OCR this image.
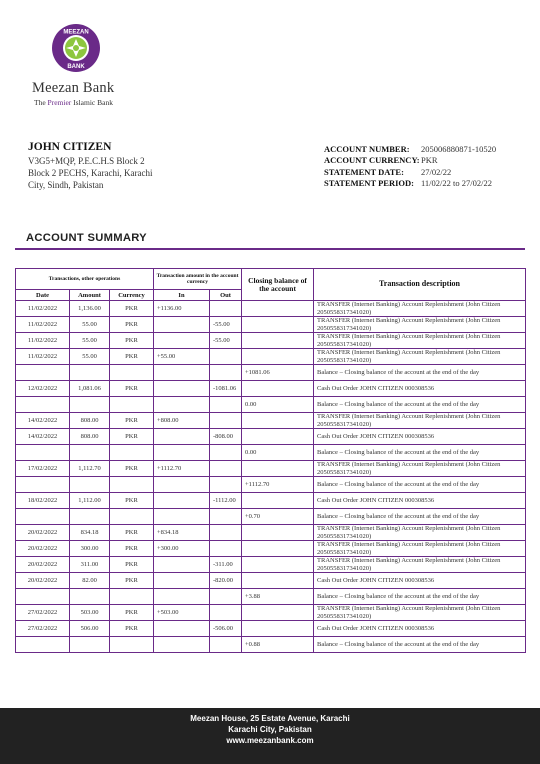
MEEZAN
BANK
Meezan Bank
The Premier Islamic Bank
JOHN CITIZEN
V3G5+MQP, P.E.C.H.S Block 2
Block 2 PECHS, Karachi, Karachi
City, Sindh, Pakistan
ACCOUNT NUMBER:	205006880871-10520
ACCOUNT CURRENCY: PKR
STATEMENT DATE:	27/02/22
STATEMENT PERIOD: 11/02/22 to 27/02/22
ACCOUNT SUMMARY
Transactions, other operations			Transaction amount in the account currency		Closing balance of the account	Transaction description
Date	Amount	Currency	In	Out		
11/02/2022	1,136.00	PKR	+1136.00			TRANSFER (Internet Banking) Account Replenishment (John Citizen 2050558317341020)
11/02/2022	55.00	PKR		-55.00		TRANSFER (Internet Banking) Account Replenishment (John Citizen 2050558317341020)
11/02/2022	55.00	PKR		-55.00		TRANSFER (Internet Banking) Account Replenishment (John Citizen 2050558317341020)
11/02/2022	55.00	PKR	+55.00			TRANSFER (Internet Banking) Account Replenishment (John Citizen 2050558317341020)
					+1081.06	Balance – Closing balance of the account at the end of the day
12/02/2022	1,081.06	PKR		-1081.06		Cash Out Order JOHN CITIZEN 000308536
					0.00	Balance – Closing balance of the account at the end of the day
14/02/2022	808.00	PKR	+808.00			TRANSFER (Internet Banking) Account Replenishment (John Citizen 2050558317341020)
14/02/2022	808.00	PKR		-808.00		Cash Out Order JOHN CITIZEN 000308536
					0.00	Balance – Closing balance of the account at the end of the day
17/02/2022	1,112.70	PKR	+1112.70			TRANSFER (Internet Banking) Account Replenishment (John Citizen 2050558317341020)
					+1112.70	Balance – Closing balance of the account at the end of the day
18/02/2022	1,112.00	PKR		-1112.00		Cash Out Order JOHN CITIZEN 000308536
					+0.70	Balance – Closing balance of the account at the end of the day
20/02/2022	834.18	PKR	+834.18			TRANSFER (Internet Banking) Account Replenishment (John Citizen 2050558317341020)
20/02/2022	300.00	PKR	+300.00			TRANSFER (Internet Banking) Account Replenishment (John Citizen 2050558317341020)
20/02/2022	311.00	PKR		-311.00		TRANSFER (Internet Banking) Account Replenishment (John Citizen 2050558317341020)
20/02/2022	82.00	PKR		-820.00		Cash Out Order JOHN CITIZEN 000308536
					+3.88	Balance – Closing balance of the account at the end of the day
27/02/2022	503.00	PKR	+503.00			TRANSFER (Internet Banking) Account Replenishment (John Citizen 2050558317341020)
27/02/2022	506.00	PKR		-506.00		Cash Out Order JOHN CITIZEN 000308536
					+0.88	Balance – Closing balance of the account at the end of the day
Meezan House, 25 Estate Avenue, Karachi
Karachi City, Pakistan
www.meezanbank.com
